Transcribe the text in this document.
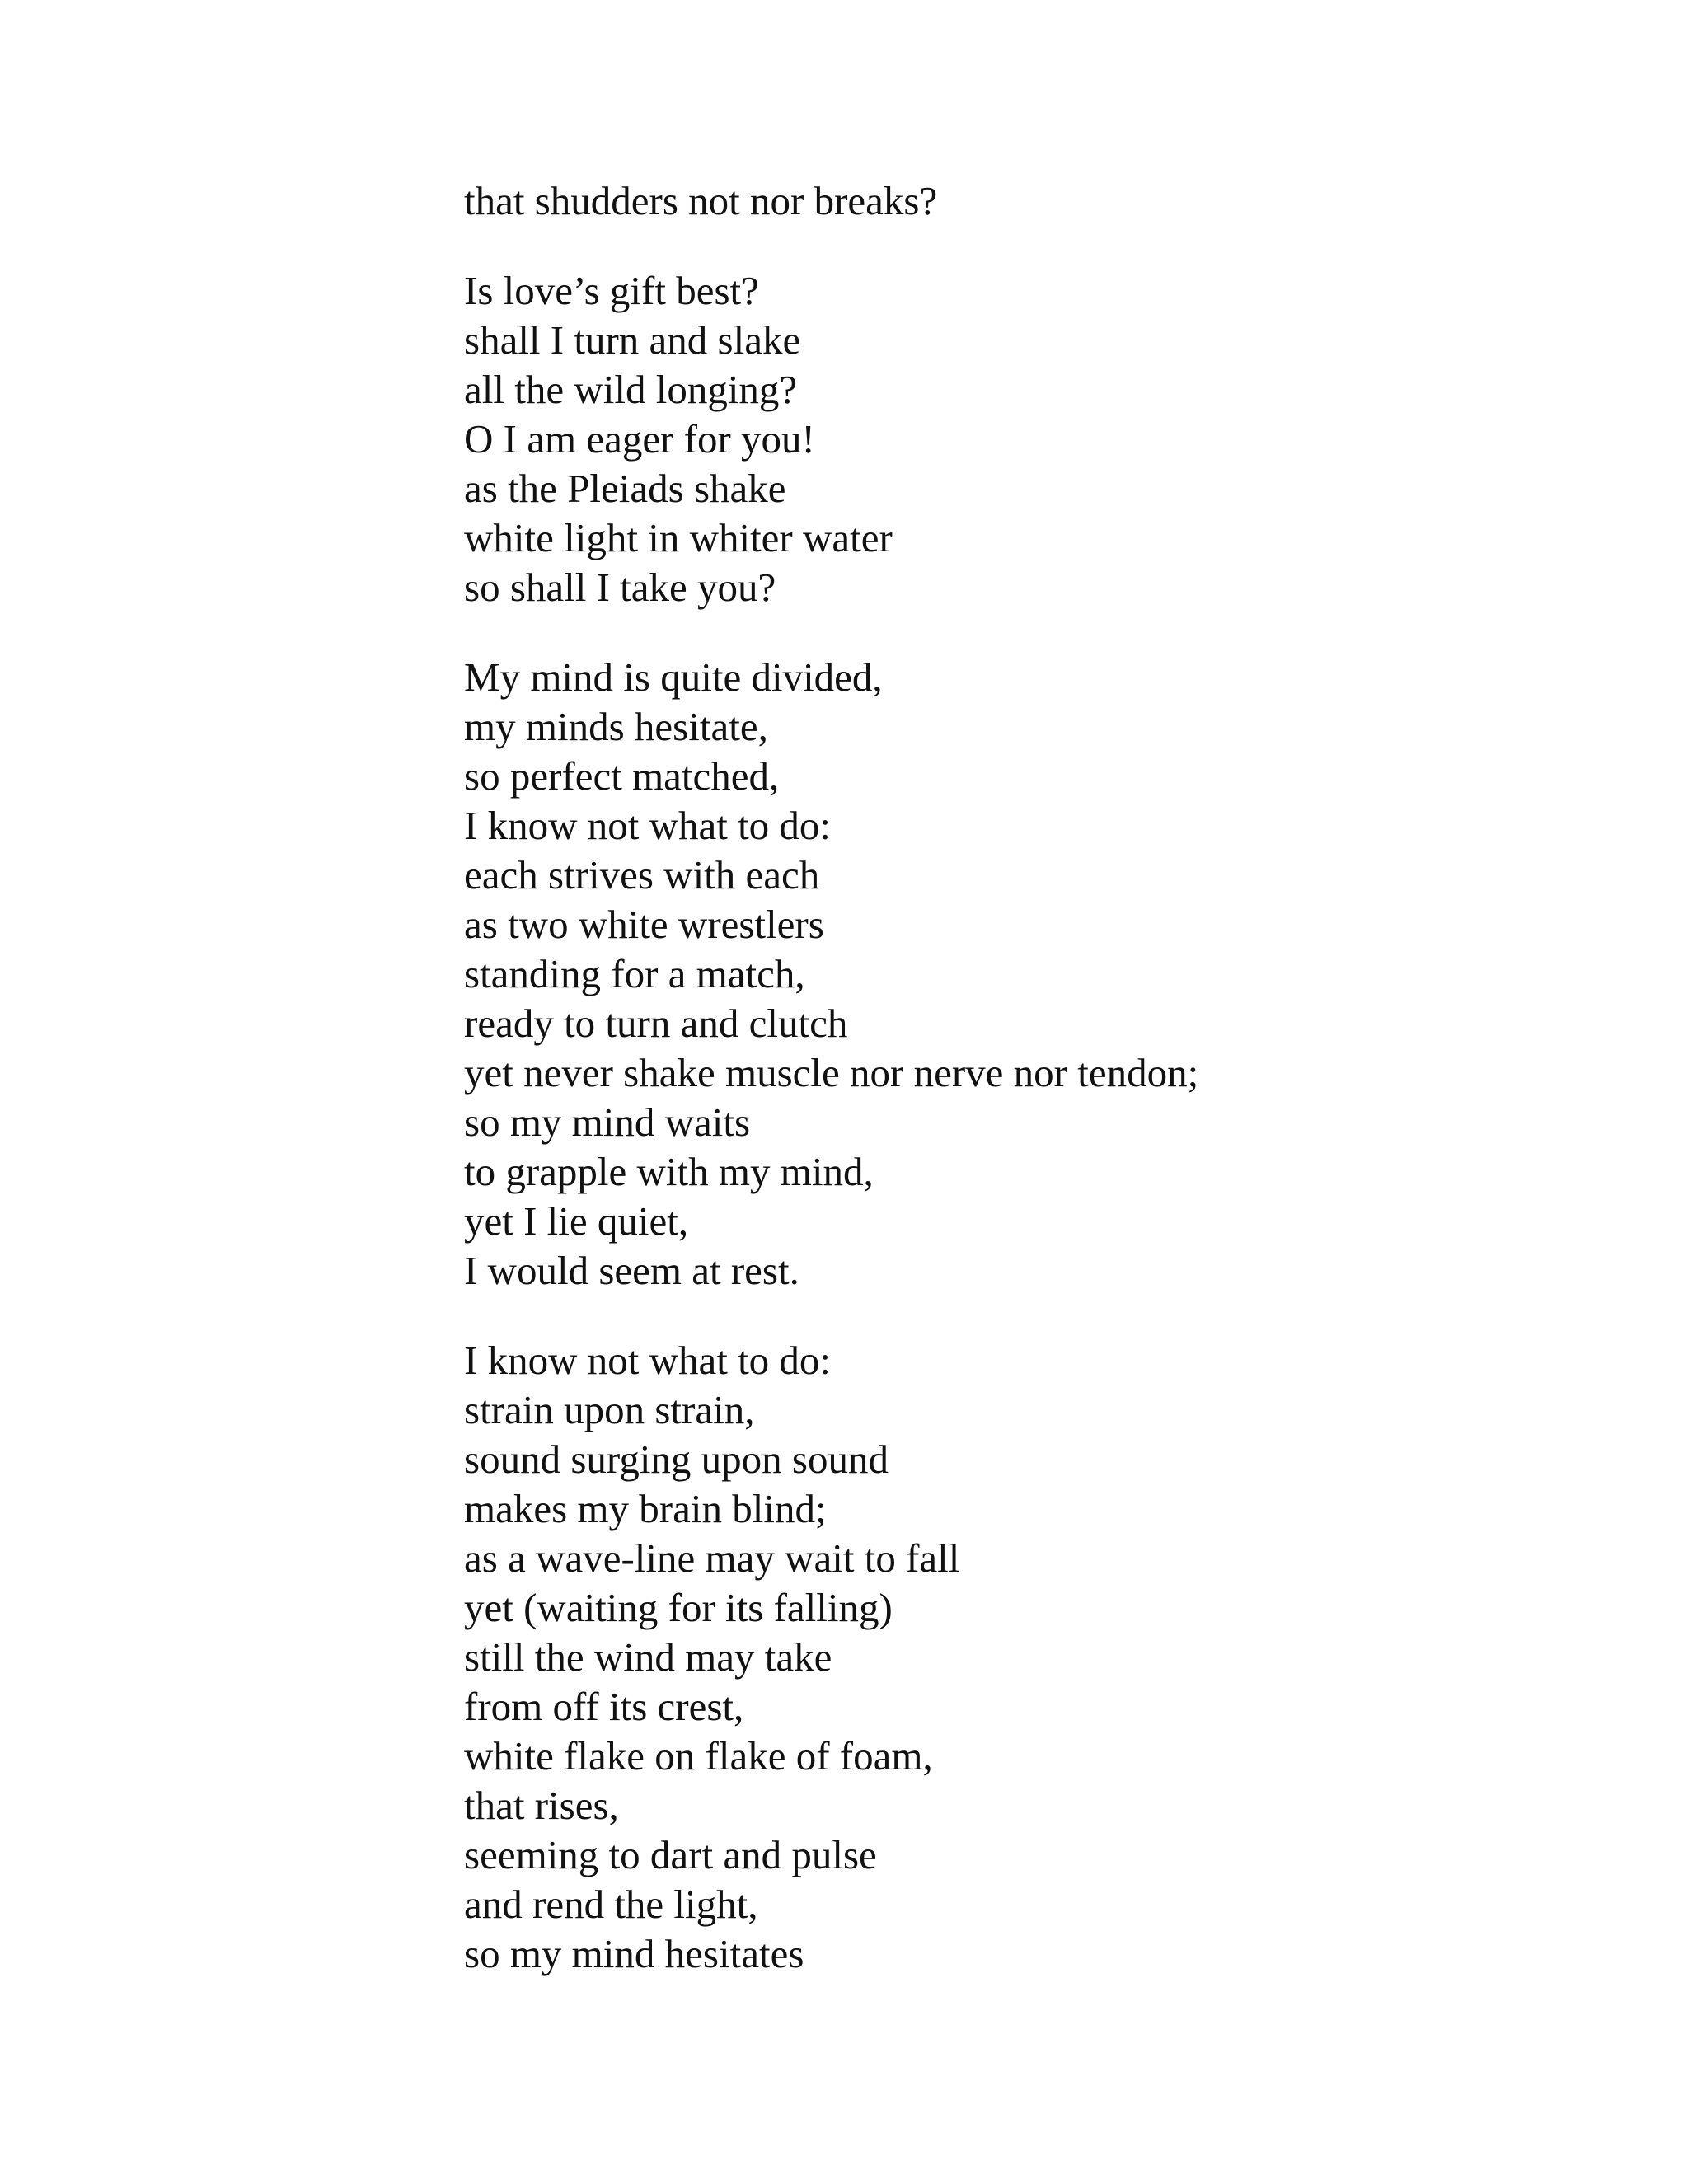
that shudders not nor breaks?
Is love’s gift best?
shall I turn and slake
all the wild longing?
O I am eager for you!
as the Pleiads shake
white light in whiter water
so shall I take you?
My mind is quite divided,
my minds hesitate,
so perfect matched,
I know not what to do:
each strives with each
as two white wrestlers
standing for a match,
ready to turn and clutch
yet never shake muscle nor nerve nor tendon;
so my mind waits
to grapple with my mind,
yet I lie quiet,
I would seem at rest.
I know not what to do:
strain upon strain,
sound surging upon sound
makes my brain blind;
as a wave-line may wait to fall
yet (waiting for its falling)
still the wind may take
from off its crest,
white flake on flake of foam,
that rises,
seeming to dart and pulse
and rend the light,
so my mind hesitates
